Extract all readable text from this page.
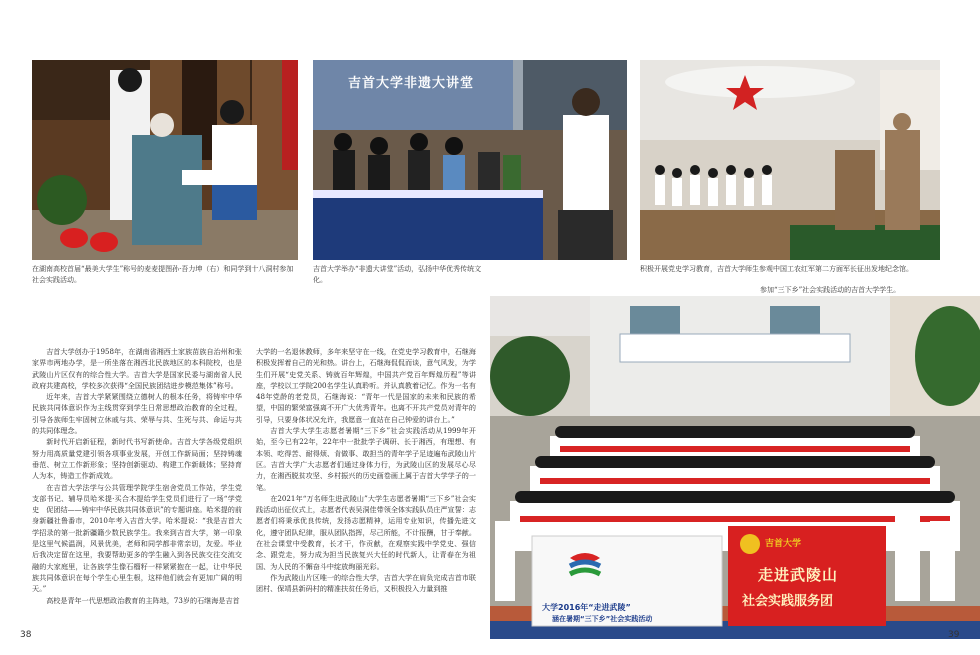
在湖南高校首届“最美大学生”称号的麦麦提图孙·吾力坤（右）和同学到十八洞村参加社会实践活动。
吉首大学非遗大讲堂
吉首大学举办“非遗大讲堂”活动，弘扬中华优秀传统文化。
积极开展党史学习教育，吉首大学师生参观中国工农红军第二方面军长征出发地纪念馆。
参加“三下乡”社会实践活动的吉首大学学生。
大学2016年“走进武陵”
涵在暑期“三下乡”社会实践活动
吉首大学
走进武陵山
社会实践服务团

吉首大学创办于1958年，在湖南省湘西土家族苗族自治州和张家界市两地办学，是一所坐落在湘西北民族地区的本科院校，也是武陵山片区仅有的综合性大学。吉首大学是国家民委与湖南省人民政府共建高校，学校多次获得“全国民族团结进步模范集体”称号。

近年来，吉首大学紧紧围绕立德树人的根本任务，将铸牢中华民族共同体意识作为主线贯穿到学生日常思想政治教育的全过程，引导各族师生牢固树立休戚与共、荣辱与共、生死与共、命运与共的共同体理念。

新时代开启新征程，新时代书写新使命。吉首大学各级党组织努力用高质量党建引领各项事业发展，开创工作新局面；坚持铸魂垂范、树立工作新形象；坚持创新驱动、构建工作新载体；坚持育人为本，铸造工作新成效。

在吉首大学法学与公共管理学院学生宿舍党员工作站，学生党支部书记、辅导员哈米提·买合木提给学生党员们进行了一场“学党史　促团结——铸牢中华民族共同体意识”的专题讲座。哈米提的前身新疆社鲁番市，2010年考入吉首大学。哈米提说：“我是吉首大学招录的第一批新疆籍少数民族学生。我来到吉首大学，第一印象是这里气候温润，风景优美，老师和同学都非常亲切，友爱。毕业后我决定留在这里，我要帮助更多的学生融入到各民族交往交流交融的大家庭里，让各族学生像石榴籽一样紧紧抱在一起，让中华民族共同体意识在每个学生心里生根，这样他们就会有更加广阔的明天。”

高校是青年一代思想政治教育的主阵地，73岁的石继海是吉首

大学的一名退休教师，多年来坚守在一线，在党史学习教育中，石继海积极发挥着自己的光和热。讲台上，石继海侃侃而谈，意气风发，为学生们开展“史党关系、铸就百年辉煌，中国共产党百年辉煌历程”等讲座，学校以工学院200名学生认真聆听。并认真教着记忆。作为一名有48年党龄的老党员，石继海说：“青年一代是国家的未来和民族的希望，中国的繁荣富强离不开广大优秀青年。也离不开共产党员对青年的引导，只要身体状况允许，我愿意一直站在自己钟爱的讲台上。”

吉首大学大学生志愿者暑期“三下乡”社会实践活动从1999年开始，至今已有22年，22年中一批批学子调研、长于湘西，有理想、有本领、吃得苦、耐得烦、肯做事、敢担当的青年学子足迹遍布武陵山片区。吉首大学广大志愿者们通过身体力行，为武陵山区的发展尽心尽力，在湘西脱贫攻坚、乡村振兴的历史画卷画上属于吉首大学学子的一笔。

在2021年“万名师生进武陵山”大学生志愿者暑期“三下乡”社会实践活动出征仪式上，志愿者代表吴洞佳带领全体实践队员庄严宣誓：志愿者们将秉承优良传统，发扬志愿精神，运用专业知识，传播先进文化，遵守团队纪律，服从团队指挥，尽己所能，不计报酬，甘于奉献。在社会课堂中受教育，长才干，作贡献，在观察实践中学党史、强信念、跟党走，努力成为担当民族复兴大任的时代新人，让青春在为祖国、为人民的不懈奋斗中绽放绚丽光彩。

作为武陵山片区唯一的综合性大学，吉首大学在肩负完成吉首市联团村、保靖县新码村的精准扶贫任务后，又积极投入力量到推

38	39
